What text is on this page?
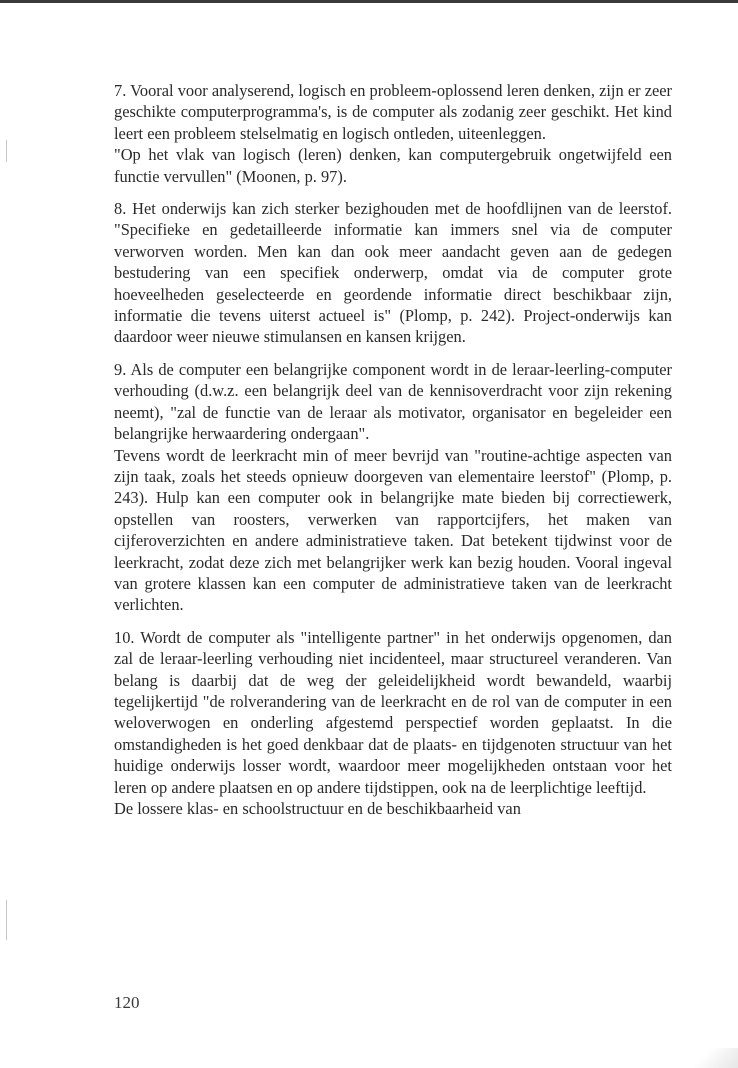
7. Vooral voor analyserend, logisch en probleem-oplossend leren denken, zijn er zeer geschikte computerprogramma's, is de computer als zodanig zeer geschikt. Het kind leert een probleem stelselmatig en logisch ontleden, uiteenleggen.

"Op het vlak van logisch (leren) denken, kan computergebruik ongetwijfeld een functie vervullen" (Moonen, p. 97).

8. Het onderwijs kan zich sterker bezighouden met de hoofdlijnen van de leerstof. "Specifieke en gedetailleerde informatie kan immers snel via de computer verworven worden. Men kan dan ook meer aandacht geven aan de gedegen bestudering van een specifiek onderwerp, omdat via de computer grote hoeveelheden geselecteerde en geordende informatie direct beschikbaar zijn, informatie die tevens uiterst actueel is" (Plomp, p. 242). Project-onderwijs kan daardoor weer nieuwe stimulansen en kansen krijgen.

9. Als de computer een belangrijke component wordt in de leraar-leerling-computer verhouding (d.w.z. een belangrijk deel van de kennisoverdracht voor zijn rekening neemt), "zal de functie van de leraar als motivator, organisator en begeleider een belangrijke herwaardering ondergaan".

Tevens wordt de leerkracht min of meer bevrijd van "routine-achtige aspecten van zijn taak, zoals het steeds opnieuw doorgeven van elementaire leerstof" (Plomp, p. 243). Hulp kan een computer ook in belangrijke mate bieden bij correctiewerk, opstellen van roosters, verwerken van rapportcijfers, het maken van cijferoverzichten en andere administratieve taken. Dat betekent tijdwinst voor de leerkracht, zodat deze zich met belangrijker werk kan bezig houden. Vooral ingeval van grotere klassen kan een computer de administratieve taken van de leerkracht verlichten.

10. Wordt de computer als "intelligente partner" in het onderwijs opgenomen, dan zal de leraar-leerling verhouding niet incidenteel, maar structureel veranderen. Van belang is daarbij dat de weg der geleidelijkheid wordt bewandeld, waarbij tegelijkertijd "de rolverandering van de leerkracht en de rol van de computer in een weloverwogen en onderling afgestemd perspectief worden geplaatst. In die omstandigheden is het goed denkbaar dat de plaats- en tijdgenoten structuur van het huidige onderwijs losser wordt, waardoor meer mogelijkheden ontstaan voor het leren op andere plaatsen en op andere tijdstippen, ook na de leerplichtige leeftijd.

De lossere klas- en schoolstructuur en de beschikbaarheid van

120
